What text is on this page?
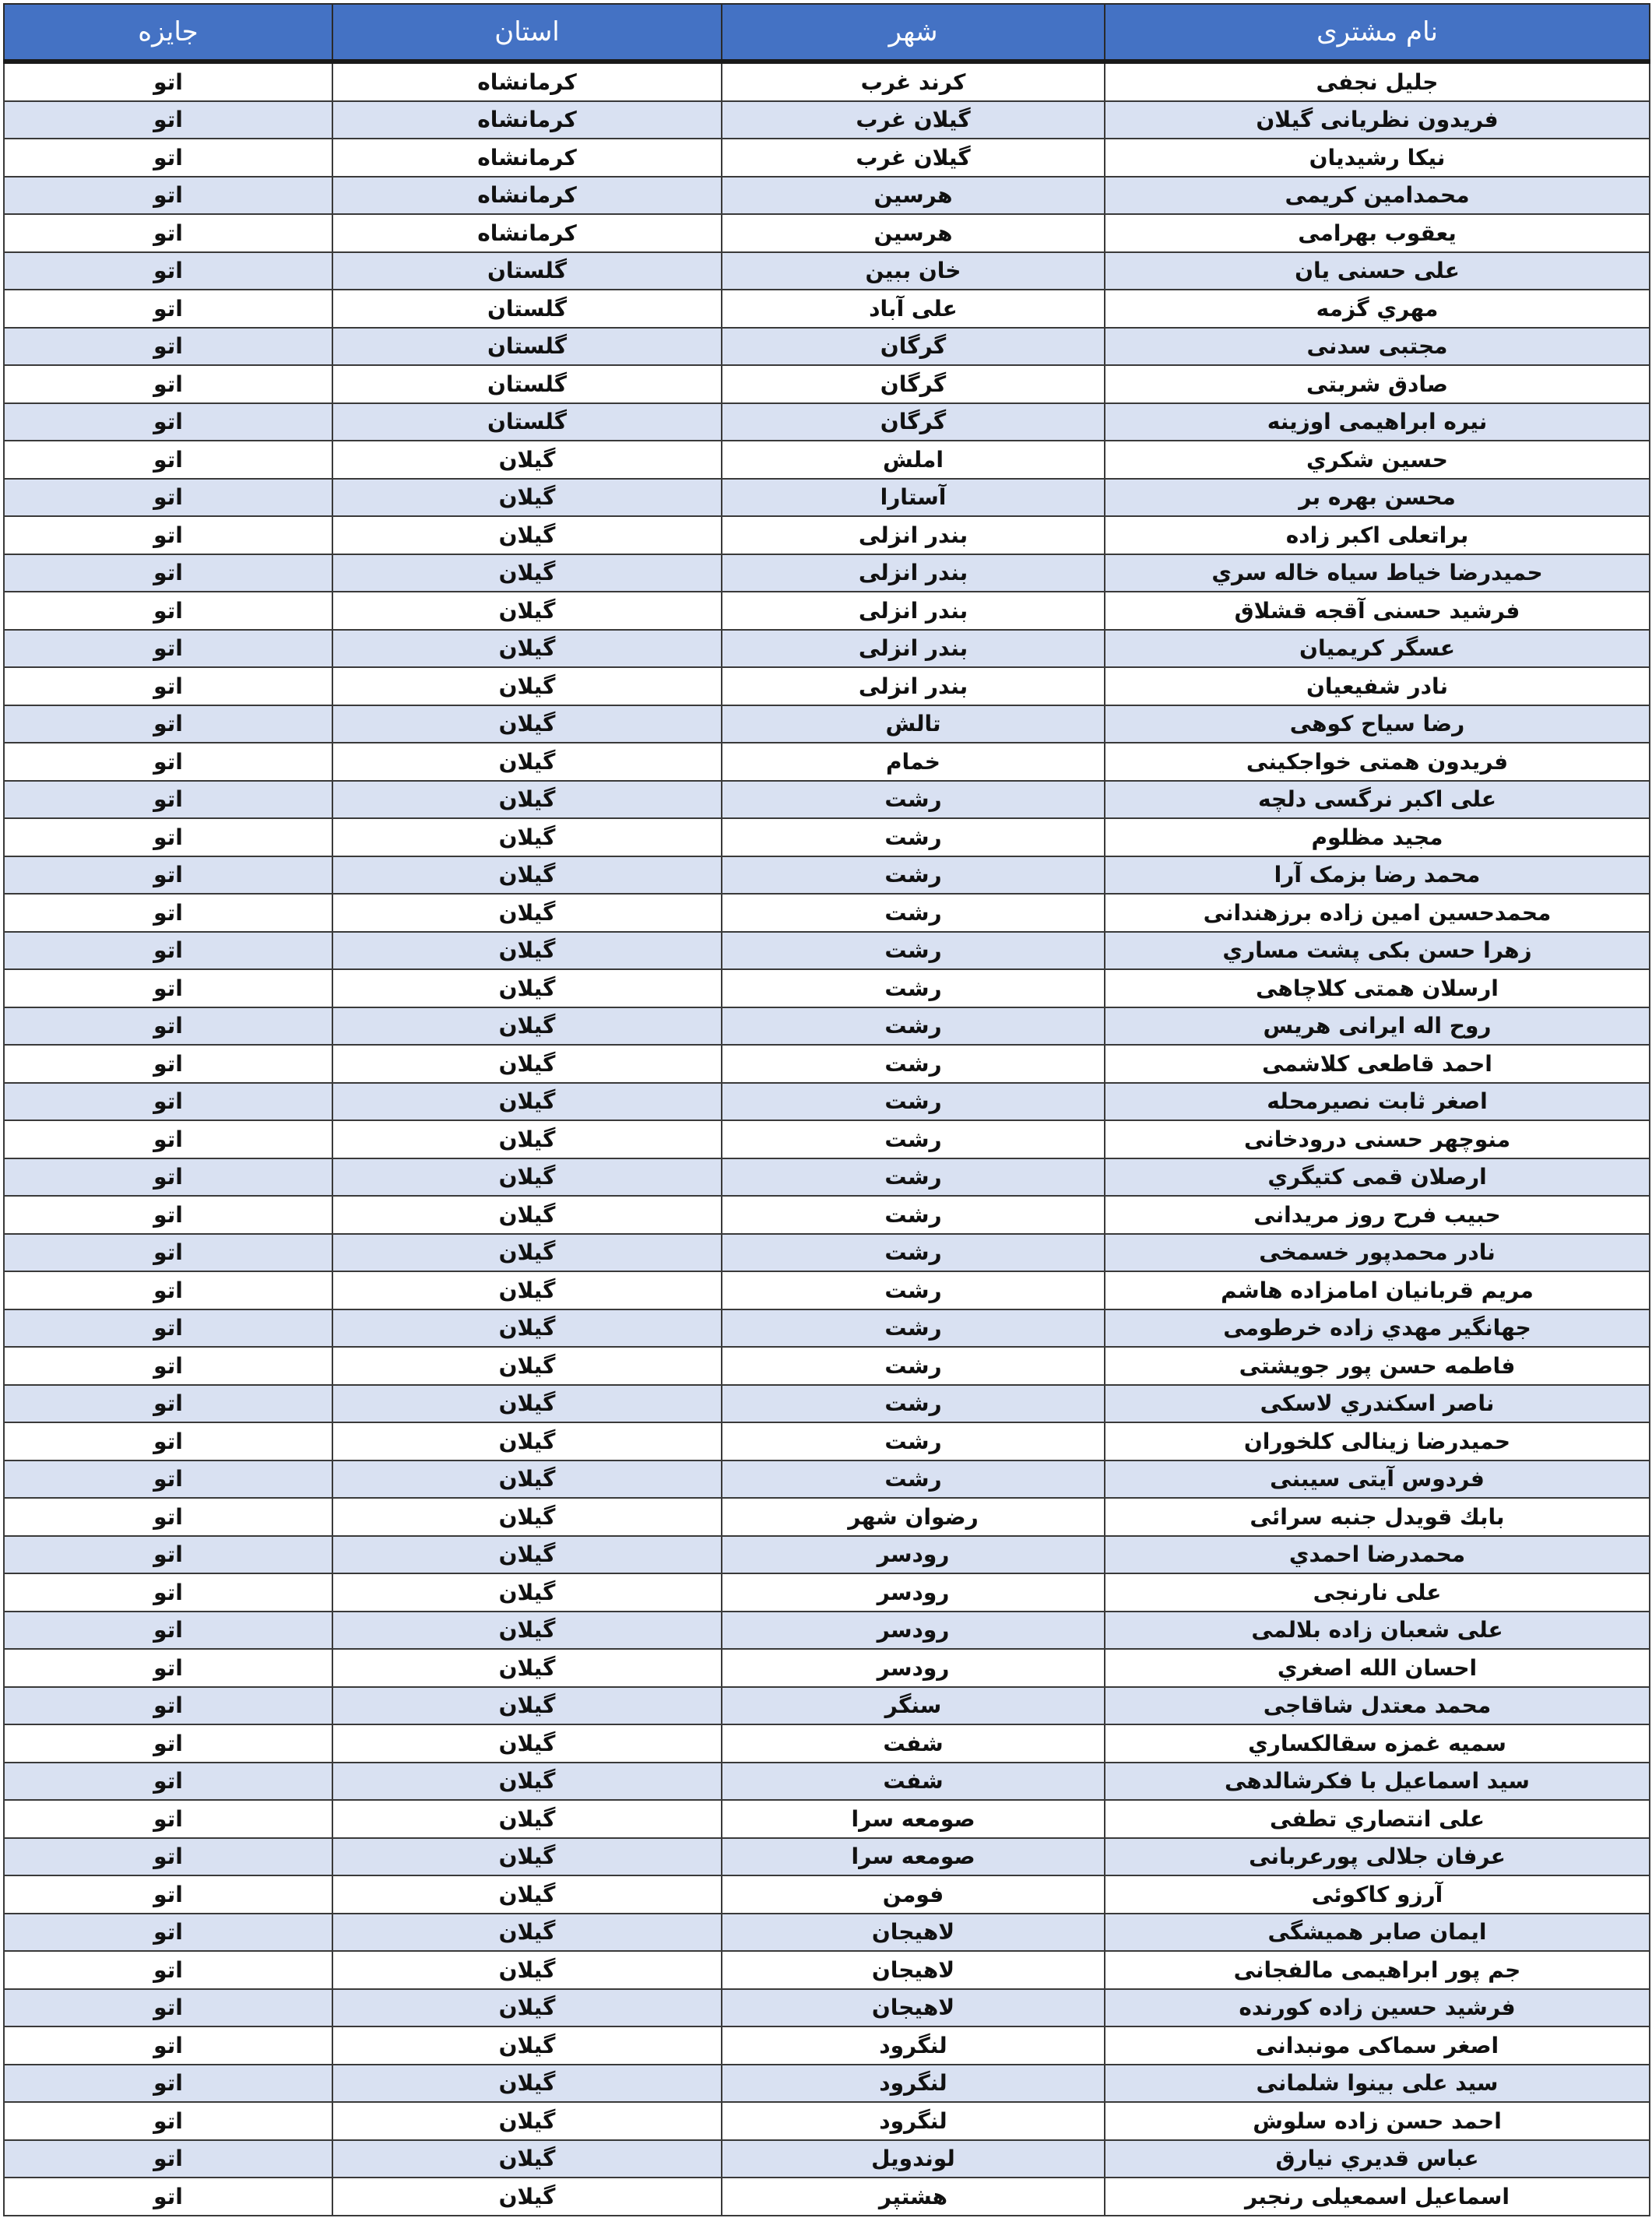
نام مشتری	شهر	استان	جایزه
جلیل نجفی	کرند غرب	کرمانشاه	اتو
فریدون نظریانی گیلان	گیلان غرب	کرمانشاه	اتو
نیکا رشیدیان	گیلان غرب	کرمانشاه	اتو
محمدامین کریمی	هرسین	کرمانشاه	اتو
یعقوب بهرامی	هرسین	کرمانشاه	اتو
علی حسنی یان	خان ببین	گلستان	اتو
مهري گزمه	علی آباد	گلستان	اتو
مجتبی سدنی	گرگان	گلستان	اتو
صادق شربتی	گرگان	گلستان	اتو
نیره ابراهیمی اوزینه	گرگان	گلستان	اتو
حسین شکري	املش	گیلان	اتو
محسن بهره بر	آستارا	گیلان	اتو
براتعلی اکبر زاده	بندر انزلی	گیلان	اتو
حمیدرضا خیاط سیاه خاله سري	بندر انزلی	گیلان	اتو
فرشید حسنی آقجه قشلاق	بندر انزلی	گیلان	اتو
عسگر کریمیان	بندر انزلی	گیلان	اتو
نادر شفیعیان	بندر انزلی	گیلان	اتو
رضا سیاح کوهی	تالش	گیلان	اتو
فریدون همتی خواجکینی	خمام	گیلان	اتو
علی اکبر نرگسی دلچه	رشت	گیلان	اتو
مجید مظلوم	رشت	گیلان	اتو
محمد رضا بزمک آرا	رشت	گیلان	اتو
محمدحسین امین زاده برزهندانی	رشت	گیلان	اتو
زهرا حسن بکی پشت مساري	رشت	گیلان	اتو
ارسلان همتی کلاچاهی	رشت	گیلان	اتو
روح اله ایرانی هریس	رشت	گیلان	اتو
احمد قاطعی کلاشمی	رشت	گیلان	اتو
اصغر ثابت نصیرمحله	رشت	گیلان	اتو
منوچهر حسنی درودخانی	رشت	گیلان	اتو
ارصلان قمی کتیگري	رشت	گیلان	اتو
حبیب فرح روز مریدانی	رشت	گیلان	اتو
نادر محمدپور خسمخی	رشت	گیلان	اتو
مریم قربانیان امامزاده هاشم	رشت	گیلان	اتو
جهانگیر مهدي زاده خرطومی	رشت	گیلان	اتو
فاطمه حسن پور جویشتی	رشت	گیلان	اتو
ناصر اسکندري لاسکی	رشت	گیلان	اتو
حمیدرضا زینالی کلخوران	رشت	گیلان	اتو
فردوس آیتی سیبنی	رشت	گیلان	اتو
بابك قویدل جنبه سرائی	رضوان شهر	گیلان	اتو
محمدرضا احمدي	رودسر	گیلان	اتو
علی نارنجی	رودسر	گیلان	اتو
علی شعبان زاده بلالمی	رودسر	گیلان	اتو
احسان الله اصغري	رودسر	گیلان	اتو
محمد معتدل شاقاجی	سنگر	گیلان	اتو
سمیه غمزه سقالکساري	شفت	گیلان	اتو
سید اسماعیل با فکرشالدهی	شفت	گیلان	اتو
علی انتصاري تطفی	صومعه سرا	گیلان	اتو
عرفان جلالی پورعربانی	صومعه سرا	گیلان	اتو
آرزو کاکوئی	فومن	گیلان	اتو
ایمان صابر همیشگی	لاهیجان	گیلان	اتو
جم پور ابراهیمی مالفجانی	لاهیجان	گیلان	اتو
فرشید حسین زاده کورنده	لاهیجان	گیلان	اتو
اصغر سماکی مونبدانی	لنگرود	گیلان	اتو
سید علی بینوا شلمانی	لنگرود	گیلان	اتو
احمد حسن زاده سلوش	لنگرود	گیلان	اتو
عباس قديري نيارق	لوندویل	گیلان	اتو
اسماعیل اسمعیلی رنجبر	هشتپر	گیلان	اتو
